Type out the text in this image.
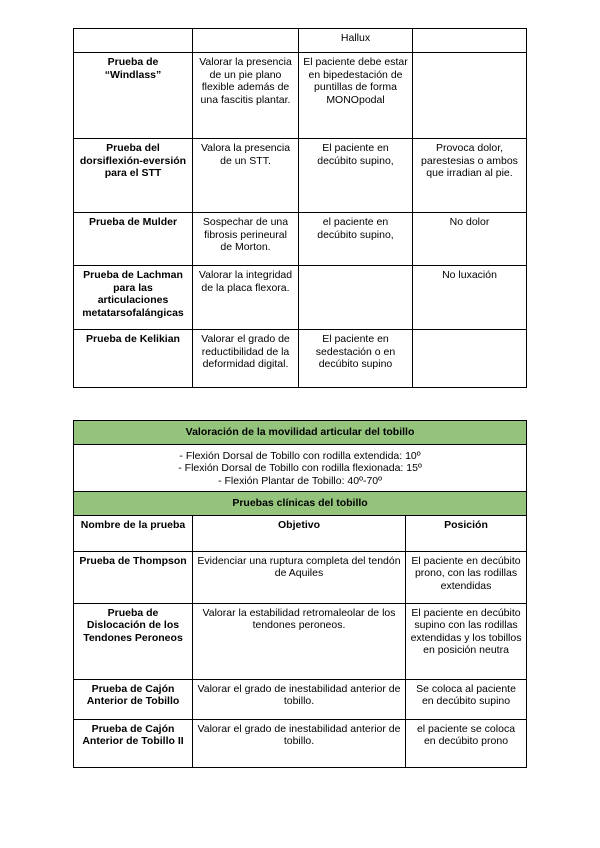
		Hallux	
Prueba de “Windlass”	Valorar la presencia de un pie plano flexible además de una fascitis plantar.	El paciente debe estar en bipedestación de puntillas de forma MONOpodal	
Prueba del dorsiflexión-eversión para el STT	Valora la presencia de un STT.	El paciente en decúbito supino,	Provoca dolor, parestesias o ambos que irradian al pie.
Prueba de Mulder	Sospechar de una fibrosis perineural de Morton.	el paciente en decúbito supino,	No dolor
Prueba de Lachman para las articulaciones metatarsofalángicas	Valorar la integridad de la placa flexora.		No luxación
Prueba de Kelikian	Valorar el grado de reductibilidad de la deformidad digital.	El paciente en sedestación o en decúbito supino	
Valoración de la movilidad articular del tobillo		

- Flexión Dorsal de Tobillo con rodilla extendida: 10º
- Flexión Dorsal de Tobillo con rodilla flexionada: 15º
- Flexión Plantar de Tobillo: 40º-70º		

Pruebas clínicas del tobillo		
Nombre de la prueba	Objetivo	Posición
Prueba de Thompson	Evidenciar una ruptura completa del tendón de Aquiles	El paciente en decúbito prono, con las rodillas extendidas
Prueba de Dislocación de los Tendones Peroneos	Valorar la estabilidad retromaleolar de los tendones peroneos.	El paciente en decúbito supino con las rodillas extendidas y los tobillos en posición neutra
Prueba de Cajón Anterior de Tobillo	Valorar el grado de inestabilidad anterior de tobillo.	Se coloca al paciente en decúbito supino
Prueba de Cajón Anterior de Tobillo II	Valorar el grado de inestabilidad anterior de tobillo.	el paciente se coloca en decúbito prono
